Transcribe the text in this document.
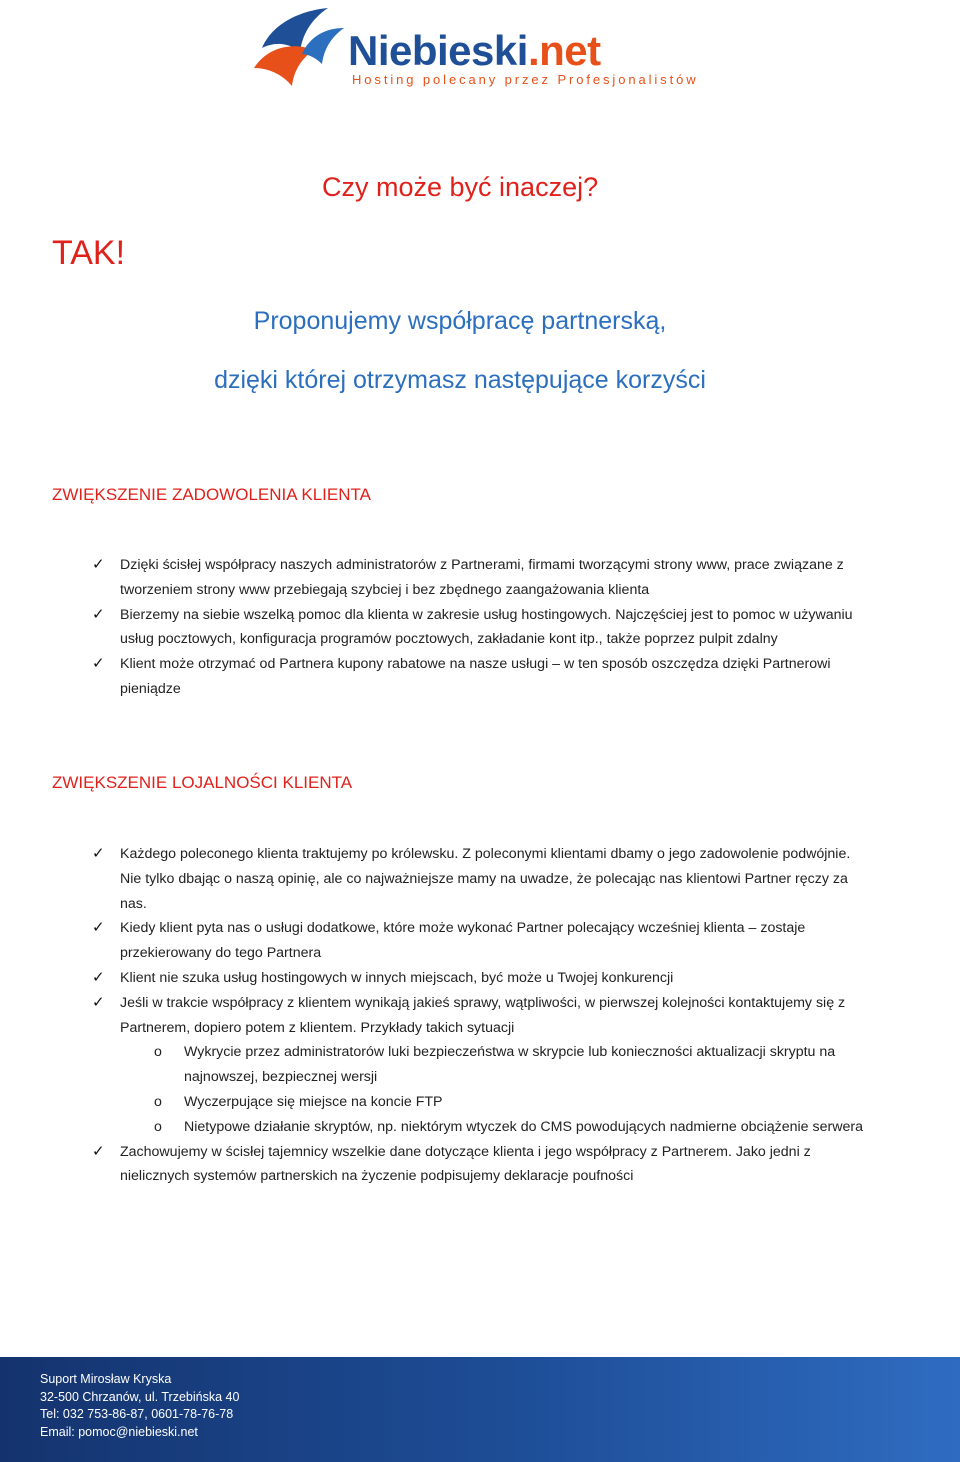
Niebieski.net
Hosting polecany przez Profesjonalistów
Czy może być inaczej?
TAK!
Proponujemy współpracę partnerską,
dzięki której otrzymasz następujące korzyści
ZWIĘKSZENIE ZADOWOLENIA KLIENTA
✓ Dzięki ścisłej współpracy naszych administratorów z Partnerami, firmami tworzącymi strony www, prace związane z tworzeniem strony www przebiegają szybciej i bez zbędnego zaangażowania klienta
✓ Bierzemy na siebie wszelką pomoc dla klienta w zakresie usług hostingowych. Najczęściej jest to pomoc w używaniu usług pocztowych, konfiguracja programów pocztowych, zakładanie kont itp., także poprzez pulpit zdalny
✓ Klient może otrzymać od Partnera kupony rabatowe na nasze usługi – w ten sposób oszczędza dzięki Partnerowi pieniądze
ZWIĘKSZENIE LOJALNOŚCI KLIENTA
✓ Każdego poleconego klienta traktujemy po królewsku. Z poleconymi klientami dbamy o jego zadowolenie podwójnie. Nie tylko dbając o naszą opinię, ale co najważniejsze mamy na uwadze, że polecając nas klientowi Partner ręczy za nas.
✓ Kiedy klient pyta nas o usługi dodatkowe, które może wykonać Partner polecający wcześniej klienta – zostaje przekierowany do tego Partnera
✓ Klient nie szuka usług hostingowych w innych miejscach, być może u Twojej konkurencji
✓ Jeśli w trakcie współpracy z klientem wynikają jakieś sprawy, wątpliwości, w pierwszej kolejności kontaktujemy się z Partnerem, dopiero potem z klientem. Przykłady takich sytuacji
o Wykrycie przez administratorów luki bezpieczeństwa w skrypcie lub konieczności aktualizacji skryptu na najnowszej, bezpiecznej wersji
o Wyczerpujące się miejsce na koncie FTP
o Nietypowe działanie skryptów, np. niektórym wtyczek do CMS powodujących nadmierne obciążenie serwera
✓ Zachowujemy w ścisłej tajemnicy wszelkie dane dotyczące klienta i jego współpracy z Partnerem. Jako jedni z nielicznych systemów partnerskich na życzenie podpisujemy deklaracje poufności
Suport Mirosław Kryska
32-500 Chrzanów, ul. Trzebińska 40
Tel: 032 753-86-87, 0601-78-76-78
Email: pomoc@niebieski.net
